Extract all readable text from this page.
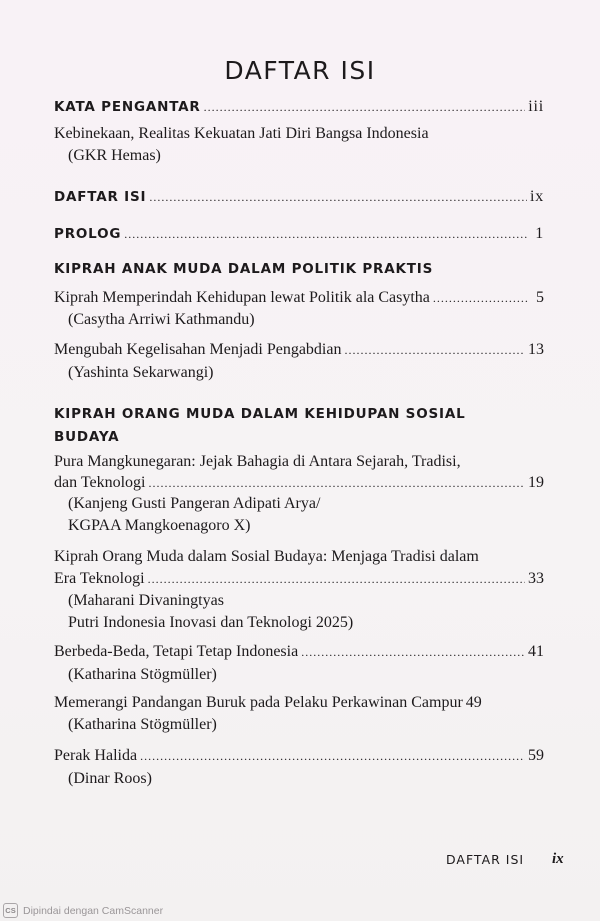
DAFTAR ISI
KATA PENGANTAR .....	iii
Kebinekaan, Realitas Kekuatan Jati Diri Bangsa Indonesia
(GKR Hemas)
DAFTAR ISI .....	ix
PROLOG .....	1
KIPRAH ANAK MUDA DALAM POLITIK PRAKTIS
Kiprah Memperindah Kehidupan lewat Politik ala Casytha .....	5
(Casytha Arriwi Kathmandu)
Mengubah Kegelisahan Menjadi Pengabdian .....	13
(Yashinta Sekarwangi)
KIPRAH ORANG MUDA DALAM KEHIDUPAN SOSIAL
BUDAYA
Pura Mangkunegaran: Jejak Bahagia di Antara Sejarah, Tradisi,
dan Teknologi .....	19
(Kanjeng Gusti Pangeran Adipati Arya/
KGPAA Mangkoenagoro X)
Kiprah Orang Muda dalam Sosial Budaya: Menjaga Tradisi dalam
Era Teknologi .....	33
(Maharani Divaningtyas
Putri Indonesia Inovasi dan Teknologi 2025)
Berbeda-Beda, Tetapi Tetap Indonesia .....	41
(Katharina Stögmüller)
Memerangi Pandangan Buruk pada Pelaku Perkawinan Campur 49
(Katharina Stögmüller)
Perak Halida .....	59
(Dinar Roos)
DAFTAR ISI ix
CS Dipindai dengan CamScanner
